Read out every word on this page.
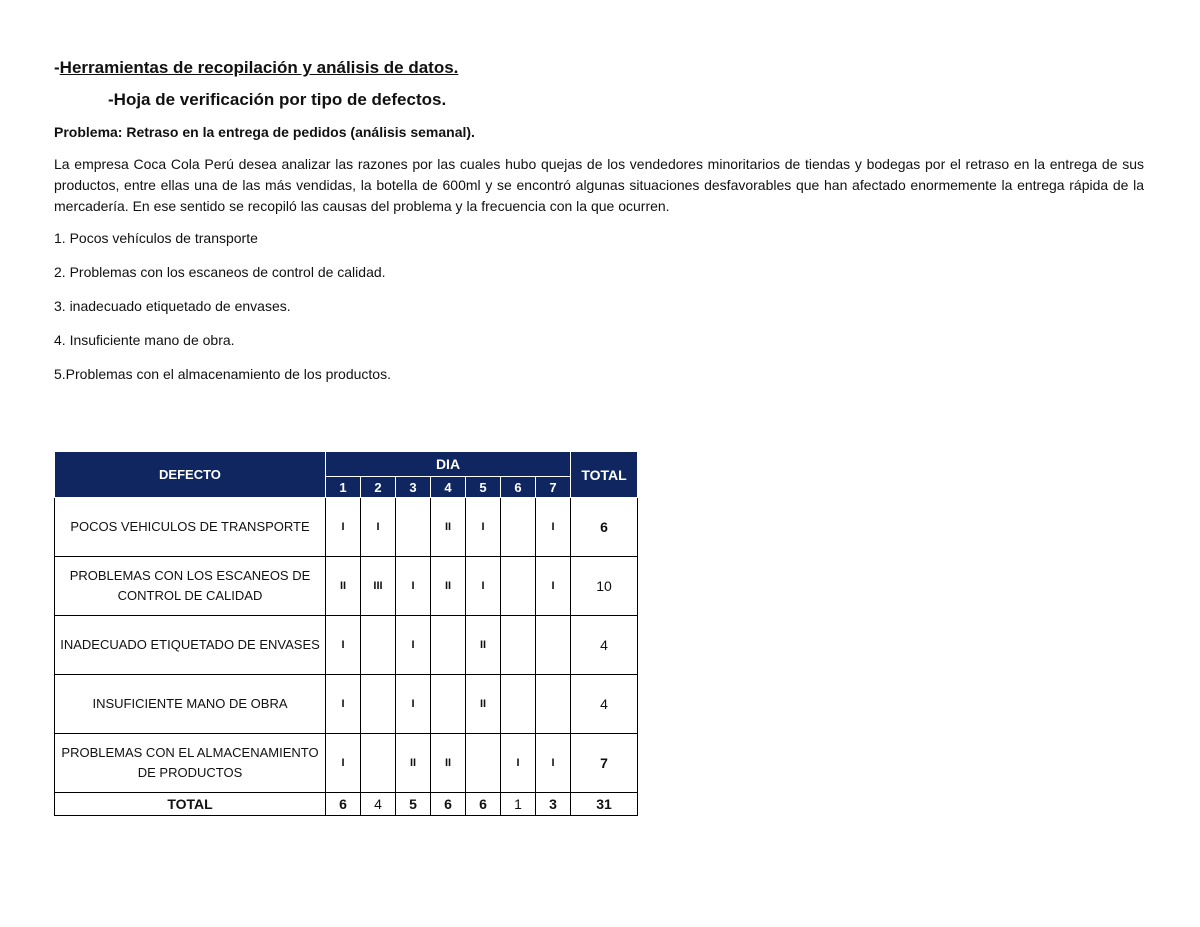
-Herramientas de recopilación y análisis de datos.

-Hoja de verificación por tipo de defectos.

Problema: Retraso en la entrega de pedidos (análisis semanal).

La empresa Coca Cola Perú desea analizar las razones por las cuales hubo quejas de los vendedores minoritarios de tiendas y bodegas por el retraso en la entrega de sus productos, entre ellas una de las más vendidas, la botella de 600ml y se encontró algunas situaciones desfavorables que han afectado enormemente la entrega rápida de la mercadería. En ese sentido se recopiló las causas del problema y la frecuencia con la que ocurren.

1. Pocos vehículos de transporte

2. Problemas con los escaneos de control de calidad.

3. inadecuado etiquetado de envases.

4. Insuficiente mano de obra.

5.Problemas con el almacenamiento de los productos.

DEFECTO	DIA							TOTAL
	1	2	3	4	5	6	7	
POCOS VEHICULOS DE TRANSPORTE	I	I		II	I		I	6
PROBLEMAS CON LOS ESCANEOS DE CONTROL DE CALIDAD	II	III	I	II	I		I	10
INADECUADO ETIQUETADO DE ENVASES	I		I		II			4
INSUFICIENTE MANO DE OBRA	I		I		II			4
PROBLEMAS CON EL ALMACENAMIENTO DE PRODUCTOS	I		II	II		I	I	7
TOTAL	6	4	5	6	6	1	3	31
